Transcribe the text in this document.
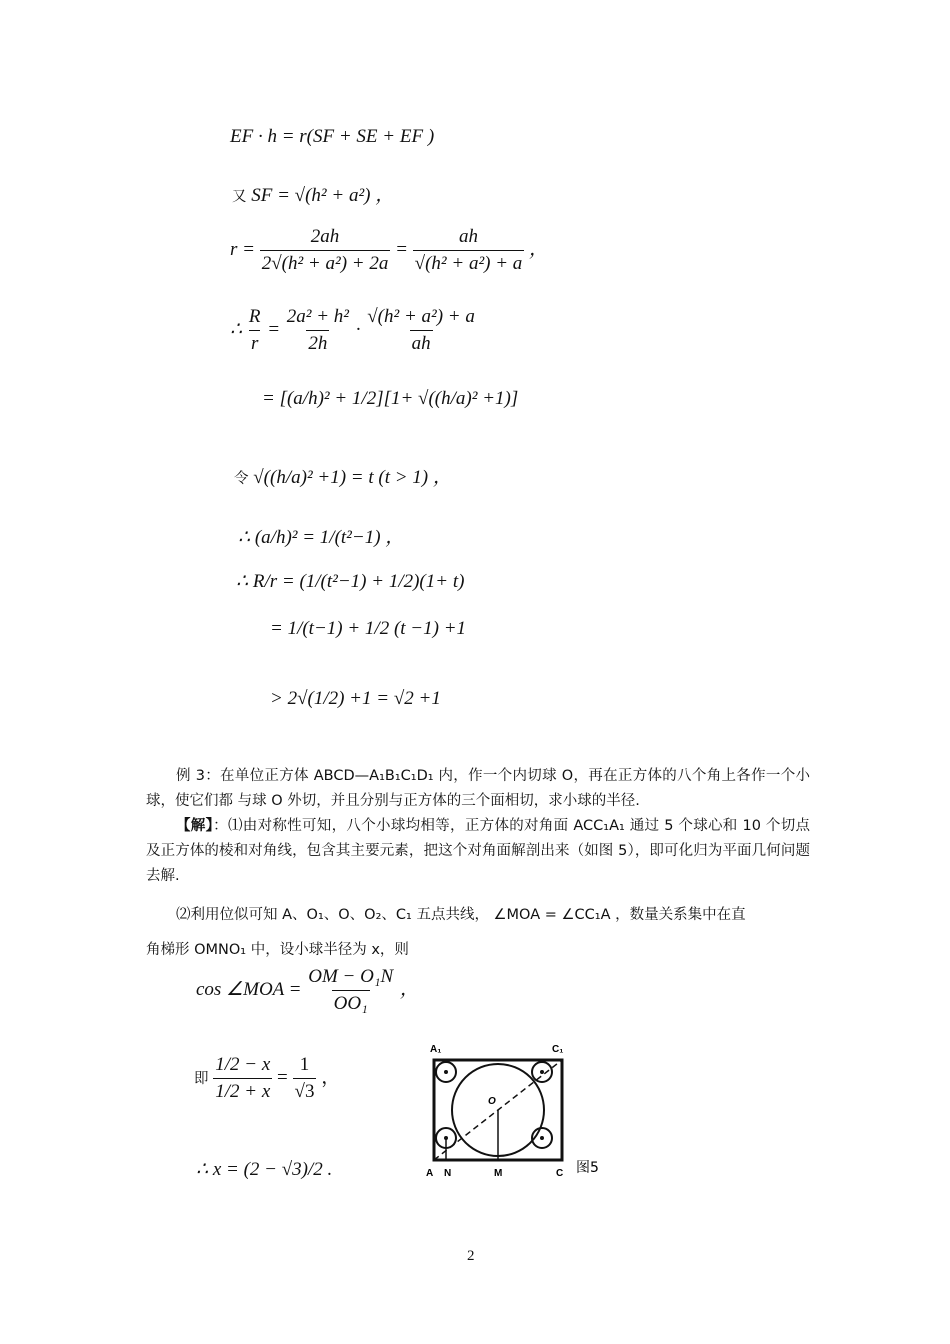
EF · h = r(SF + SE + EF )
又 SF = √(h² + a²) ，
$r = \frac{2ah}{\text{2√(h² + a²) + 2a}} = \frac{ah}{\text{√(h² + a²) + a}}$ ，
∴ $\frac{R}{r} = \frac{\text{2a² + h²}}{2h} \cdot \frac{\text{√(h² + a²) + a}}{ah}$
= [(a/h)² + 1/2][1+ √((h/a)² +1)]
令 √((h/a)² +1) = t (t > 1) ，
∴ (a/h)² = 1/(t²−1) ，
∴ R/r = (1/(t²−1) + 1/2)(1+ t)
= 1/(t−1) + 1/2 (t −1) +1
> 2√(1/2) +1 = √2 +1
例 3：在单位正方体 ABCD—A₁B₁C₁D₁ 内，作一个内切球 O，再在正方体的八个角上各作一个小球，使它们都 与球 O 外切，并且分别与正方体的三个面相切，求小球的半径.
【解】：⑴由对称性可知，八个小球均相等，正方体的对角面 ACC₁A₁ 通过 5 个球心和 10 个切点及正方体的棱和对角线，包含其主要元素，把这个对角面解剖出来（如图 5），即可化归为平面几何问题去解.
⑵利用位似可知 A、O₁、O、O₂、C₁ 五点共线， ∠MOA = ∠CC₁A ，数量关系集中在直
角梯形 OMNO₁ 中，设小球半径为 x，则
cos ∠MOA = $\frac{\text{OM − O₁N}}{\text{OO₁}}$ ，
即 $\frac{1/2 - x}{1/2 + x} = \frac{1}{√3}$ ，
∴ x = (2 − √3)/2 .
A₁	C₁
A N	M	C
O
图5
2
